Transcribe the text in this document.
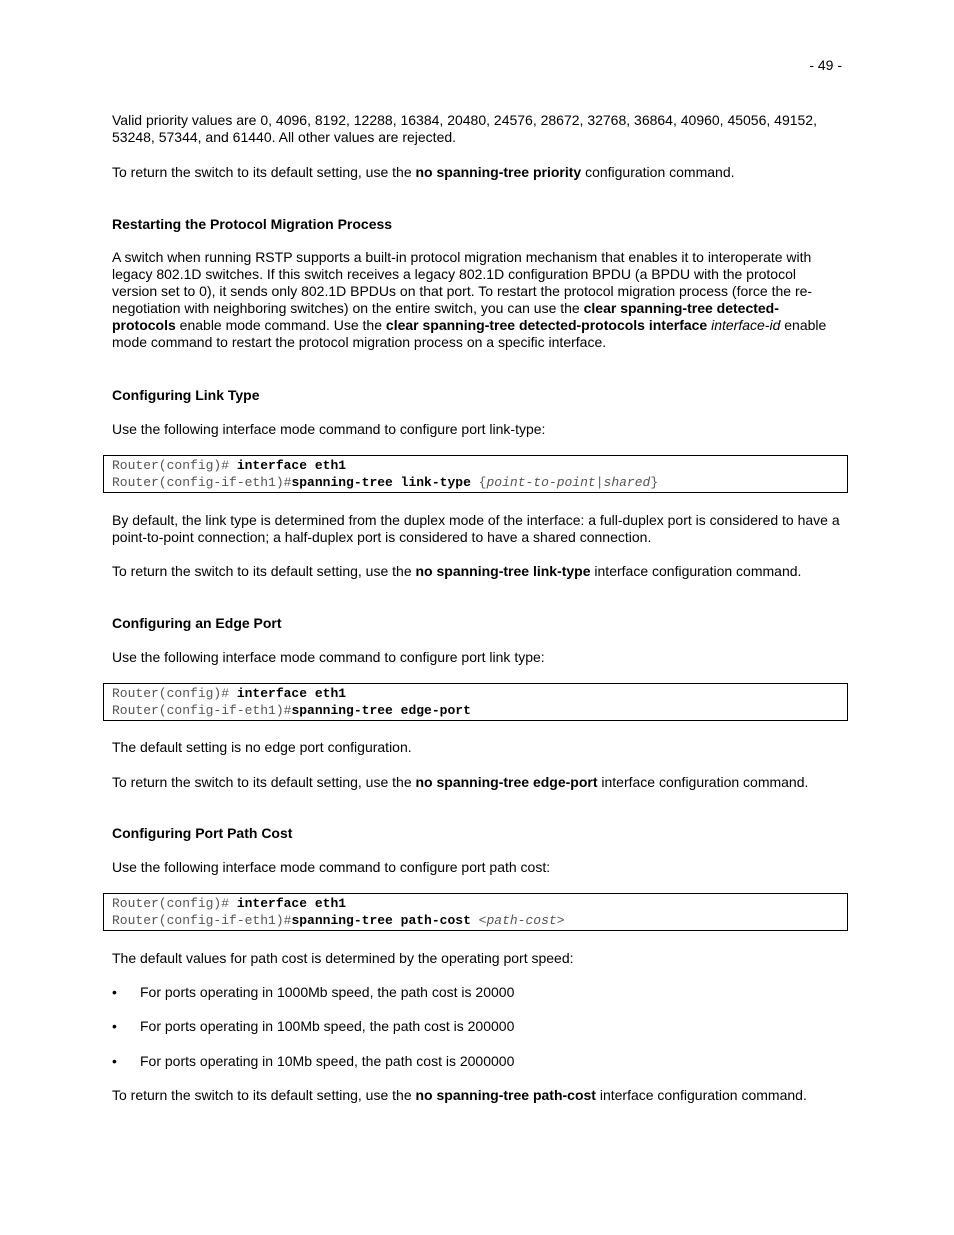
- 49 -

Valid priority values are 0, 4096, 8192, 12288, 16384, 20480, 24576, 28672, 32768, 36864, 40960, 45056, 49152, 53248, 57344, and 61440. All other values are rejected.

To return the switch to its default setting, use the no spanning-tree priority configuration command.

Restarting the Protocol Migration Process
A switch when running RSTP supports a built-in protocol migration mechanism that enables it to interoperate with
legacy 802.1D switches. If this switch receives a legacy 802.1D configuration BPDU (a BPDU with the protocol
version set to 0), it sends only 802.1D BPDUs on that port. To restart the protocol migration process (force the re-
negotiation with neighboring switches) on the entire switch, you can use the clear spanning-tree detected-
protocols enable mode command. Use the clear spanning-tree detected-protocols interface interface-id enable
mode command to restart the protocol migration process on a specific interface.
Configuring Link Type

Use the following interface mode command to configure port link-type:

Router(config)# interface eth1
Router(config-if-eth1)#spanning-tree link-type {point-to-point|shared}
By default, the link type is determined from the duplex mode of the interface: a full-duplex port is considered to have a
point-to-point connection; a half-duplex port is considered to have a shared connection.

To return the switch to its default setting, use the no spanning-tree link-type interface configuration command.

Configuring an Edge Port

Use the following interface mode command to configure port link type:

Router(config)# interface eth1
Router(config-if-eth1)#spanning-tree edge-port

The default setting is no edge port configuration.

To return the switch to its default setting, use the no spanning-tree edge-port interface configuration command.

Configuring Port Path Cost

Use the following interface mode command to configure port path cost:

Router(config)# interface eth1
Router(config-if-eth1)#spanning-tree path-cost <path-cost>

The default values for path cost is determined by the operating port speed:

• For ports operating in 1000Mb speed, the path cost is 20000
• For ports operating in 100Mb speed, the path cost is 200000
• For ports operating in 10Mb speed, the path cost is 2000000

To return the switch to its default setting, use the no spanning-tree path-cost interface configuration command.
